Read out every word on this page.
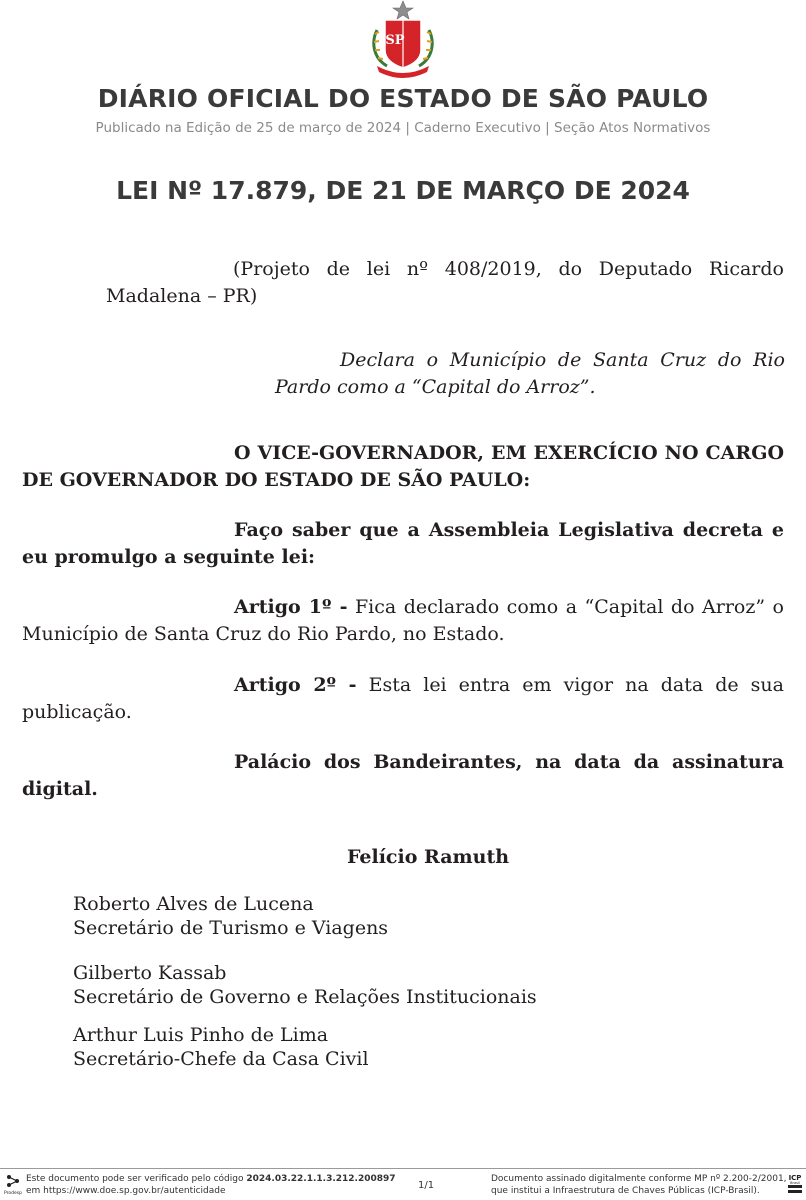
SP
DIÁRIO OFICIAL DO ESTADO DE SÃO PAULO
Publicado na Edição de 25 de março de 2024 | Caderno Executivo | Seção Atos Normativos
LEI Nº 17.879, DE 21 DE MARÇO DE 2024

(Projeto de lei nº 408/2019, do Deputado Ricardo Madalena – PR)

Declara o Município de Santa Cruz do Rio Pardo como a “Capital do Arroz”.

O VICE-GOVERNADOR, EM EXERCÍCIO NO CARGO DE GOVERNADOR DO ESTADO DE SÃO PAULO:

Faço saber que a Assembleia Legislativa decreta e eu promulgo a seguinte lei:

Artigo 1º - Fica declarado como a “Capital do Arroz” o Município de Santa Cruz do Rio Pardo, no Estado.

Artigo 2º - Esta lei entra em vigor na data de sua publicação.

Palácio dos Bandeirantes, na data da assinatura digital.

Felício Ramuth
Roberto Alves de Lucena
Secretário de Turismo e Viagens
Gilberto Kassab
Secretário de Governo e Relações Institucionais
Arthur Luis Pinho de Lima
Secretário-Chefe da Casa Civil
Prodesp
Este documento pode ser verificado pelo código 2024.03.22.1.1.3.212.200897
em https://www.doe.sp.gov.br/autenticidade	1/1
Documento assinado digitalmente conforme MP nº 2.200-2/2001,
que institui a Infraestrutura de Chaves Públicas (ICP-Brasil).
ICP
Brasil
